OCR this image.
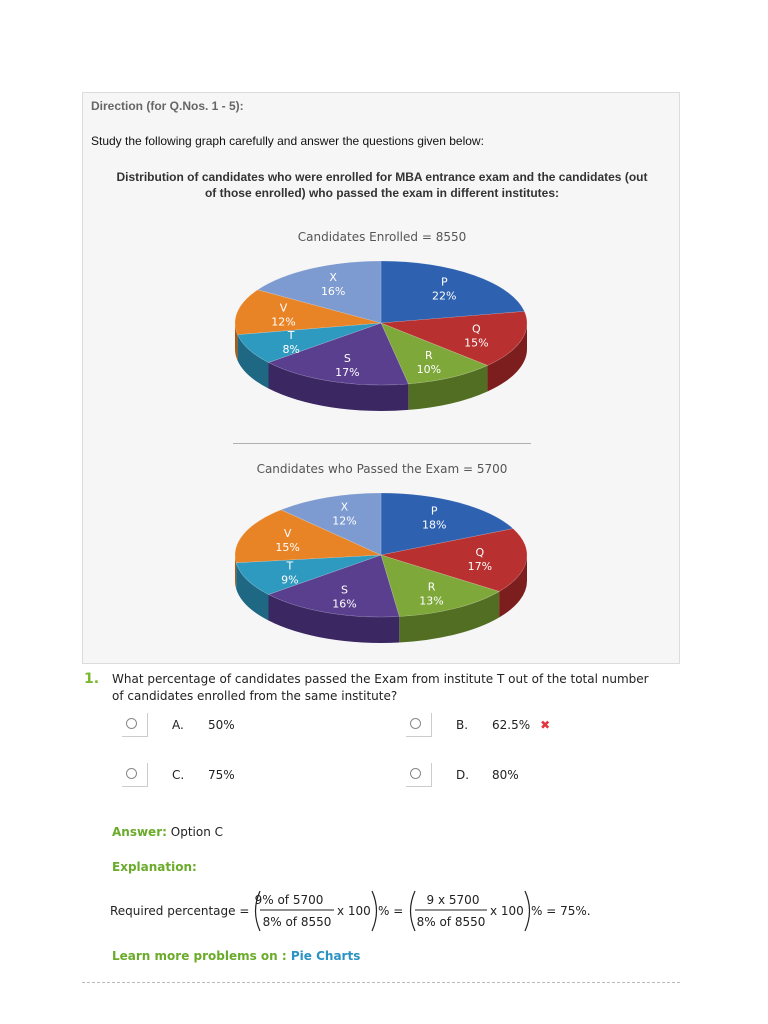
Direction (for Q.Nos. 1 - 5):
Study the following graph carefully and answer the questions given below:
Distribution of candidates who were enrolled for MBA entrance exam and the candidates (out
of those enrolled) who passed the exam in different institutes:
Candidates Enrolled = 8550
P
22%
Q
15%
R
10%
S
17%
T
8%
V
12%
X
16%
Candidates who Passed the Exam = 5700
P
18%
Q
17%
R
13%
S
16%
T
9%
V
15%
X
12%
1. What percentage of candidates passed the Exam from institute T out of the total number of candidates enrolled from the same institute?
A. 50%	B. 62.5% ✖
C. 75%	D. 80%
Answer: Option C
Explanation:
Required percentage =
9% of 5700
8% of 8550
x 100 % =
9 x 5700
8% of 8550
x 100 % = 75%.
Learn more problems on : Pie Charts
